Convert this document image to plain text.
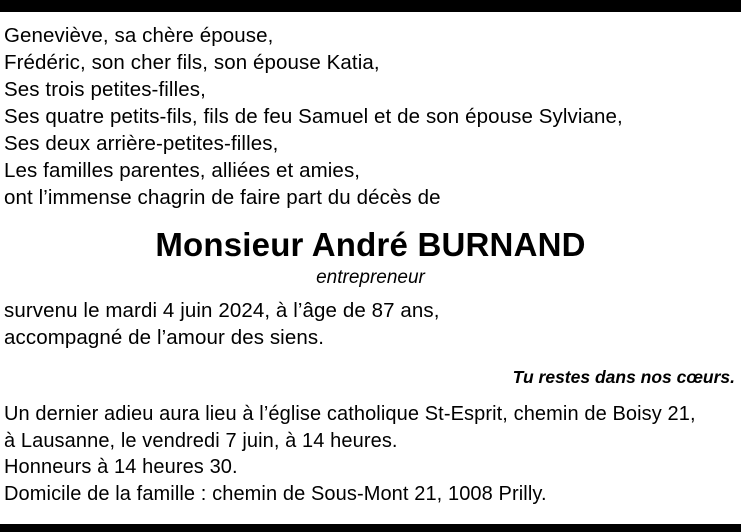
Geneviève, sa chère épouse,
Frédéric, son cher fils, son épouse Katia,
Ses trois petites-filles,
Ses quatre petits-fils, fils de feu Samuel et de son épouse Sylviane,
Ses deux arrière-petites-filles,
Les familles parentes, alliées et amies,
ont l’immense chagrin de faire part du décès de
Monsieur André BURNAND
entrepreneur
survenu le mardi 4 juin 2024, à l’âge de 87 ans,
accompagné de l’amour des siens.
Tu restes dans nos cœurs.
Un dernier adieu aura lieu à l’église catholique St-Esprit, chemin de Boisy 21,
à Lausanne, le vendredi 7 juin, à 14 heures.
Honneurs à 14 heures 30.
Domicile de la famille : chemin de Sous-Mont 21, 1008 Prilly.
